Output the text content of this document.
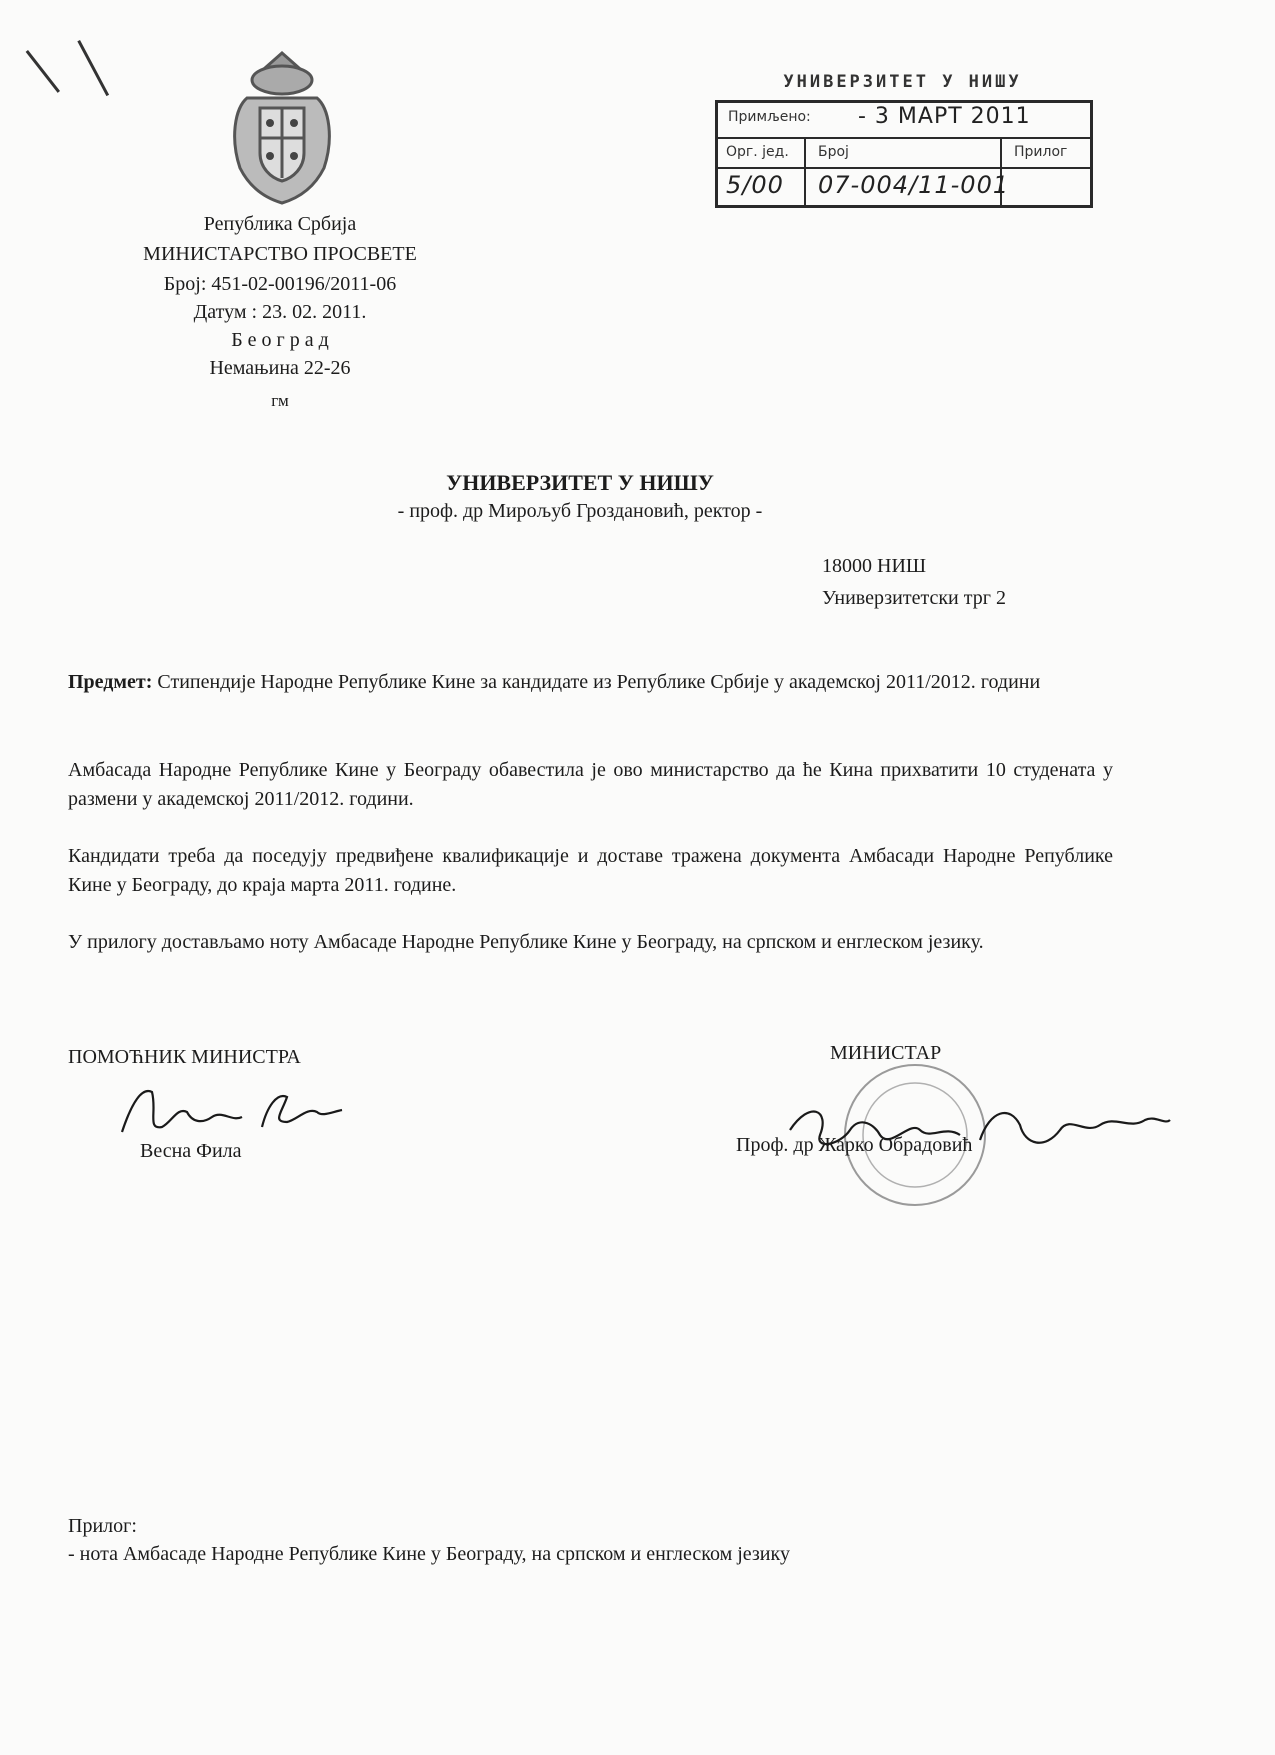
Република Србија
МИНИСТАРСТВО ПРОСВЕТЕ
Број: 451-02-00196/2011-06
Датум : 23. 02. 2011.
Б е о г р а д
Немањина 22-26
гм
УНИВЕРЗИТЕТ У НИШУ
Примљено: - 3 МАРТ 2011
Орг. јед. Број	Прилог
5/00 07-004/11-001
УНИВЕРЗИТЕТ У НИШУ
- проф. др Мирољуб Гроздановић, ректор -
18000 НИШ
Универзитетски трг 2
Предмет: Стипендије Народне Републике Кине за кандидате из Републике Србије у академској 2011/2012. години
Амбасада Народне Републике Кине у Београду обавестила је ово министарство да ће Кина прихватити 10 студената у размени у академској 2011/2012. години.
Кандидати треба да поседују предвиђене квалификације и доставе тражена документа Амбасади Народне Републике Кине у Београду, до краја марта 2011. године.
У прилогу достављамо ноту Амбасаде Народне Републике Кине у Београду, на српском и енглеском језику.
ПОМОЋНИК МИНИСТРА
Весна Фила
МИНИСТАР
Проф. др Жарко Обрадовић
Прилог:
- нота Амбасаде Народне Републике Кине у Београду, на српском и енглеском језику
